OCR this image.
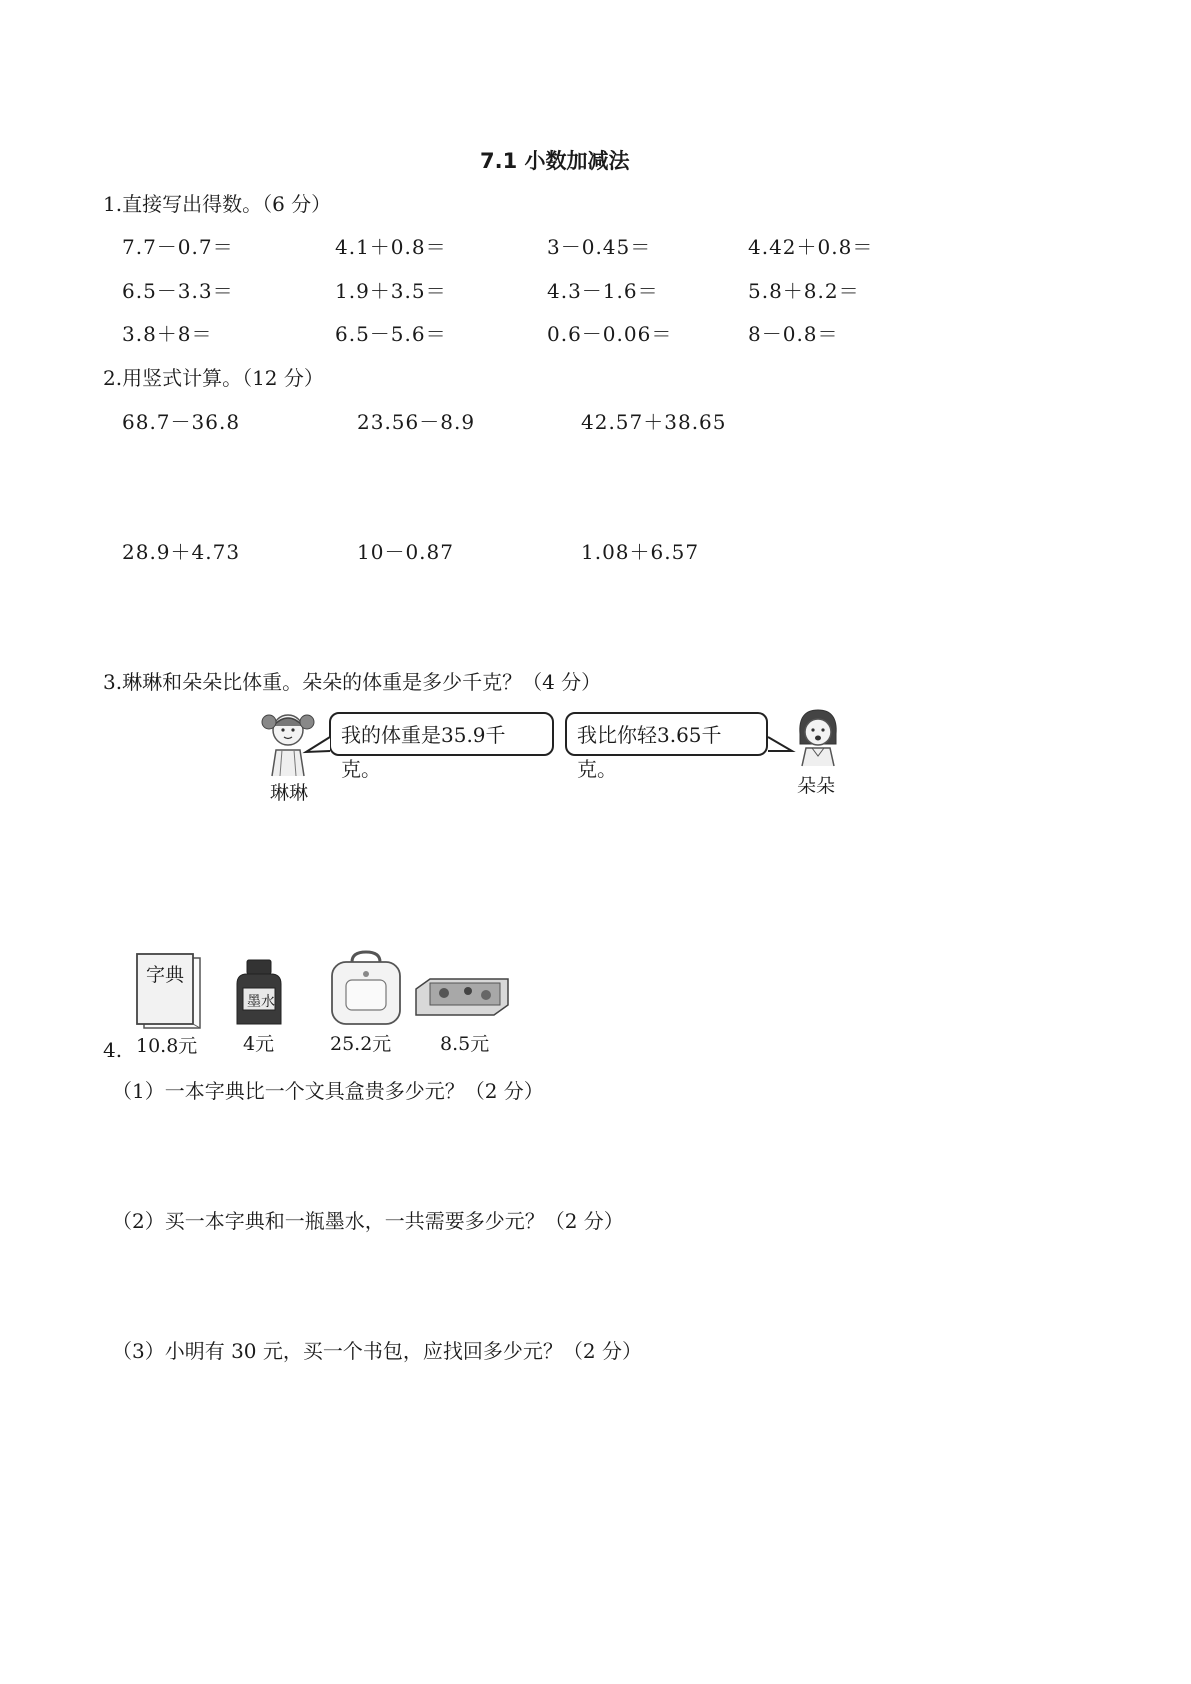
7.1 小数加减法
1.直接写出得数。（6 分）
7.7－0.7＝	4.1＋0.8＝	3－0.45＝	4.42＋0.8＝
6.5－3.3＝	1.9＋3.5＝	4.3－1.6＝	5.8＋8.2＝
3.8＋8＝	6.5－5.6＝	0.6－0.06＝	8－0.8＝
2.用竖式计算。（12 分）
68.7－36.8	23.56－8.9	42.57＋38.65
28.9＋4.73	10－0.87	1.08＋6.57
3.琳琳和朵朵比体重。朵朵的体重是多少千克？（4 分）
我的体重是35.9千克。
我比你轻3.65千克。
琳琳	朵朵
4.
字典
10.8元
墨水
4元	25.2元	8.5元
（1）一本字典比一个文具盒贵多少元？（2 分）
（2）买一本字典和一瓶墨水，一共需要多少元？（2 分）
（3）小明有 30 元，买一个书包，应找回多少元？（2 分）
